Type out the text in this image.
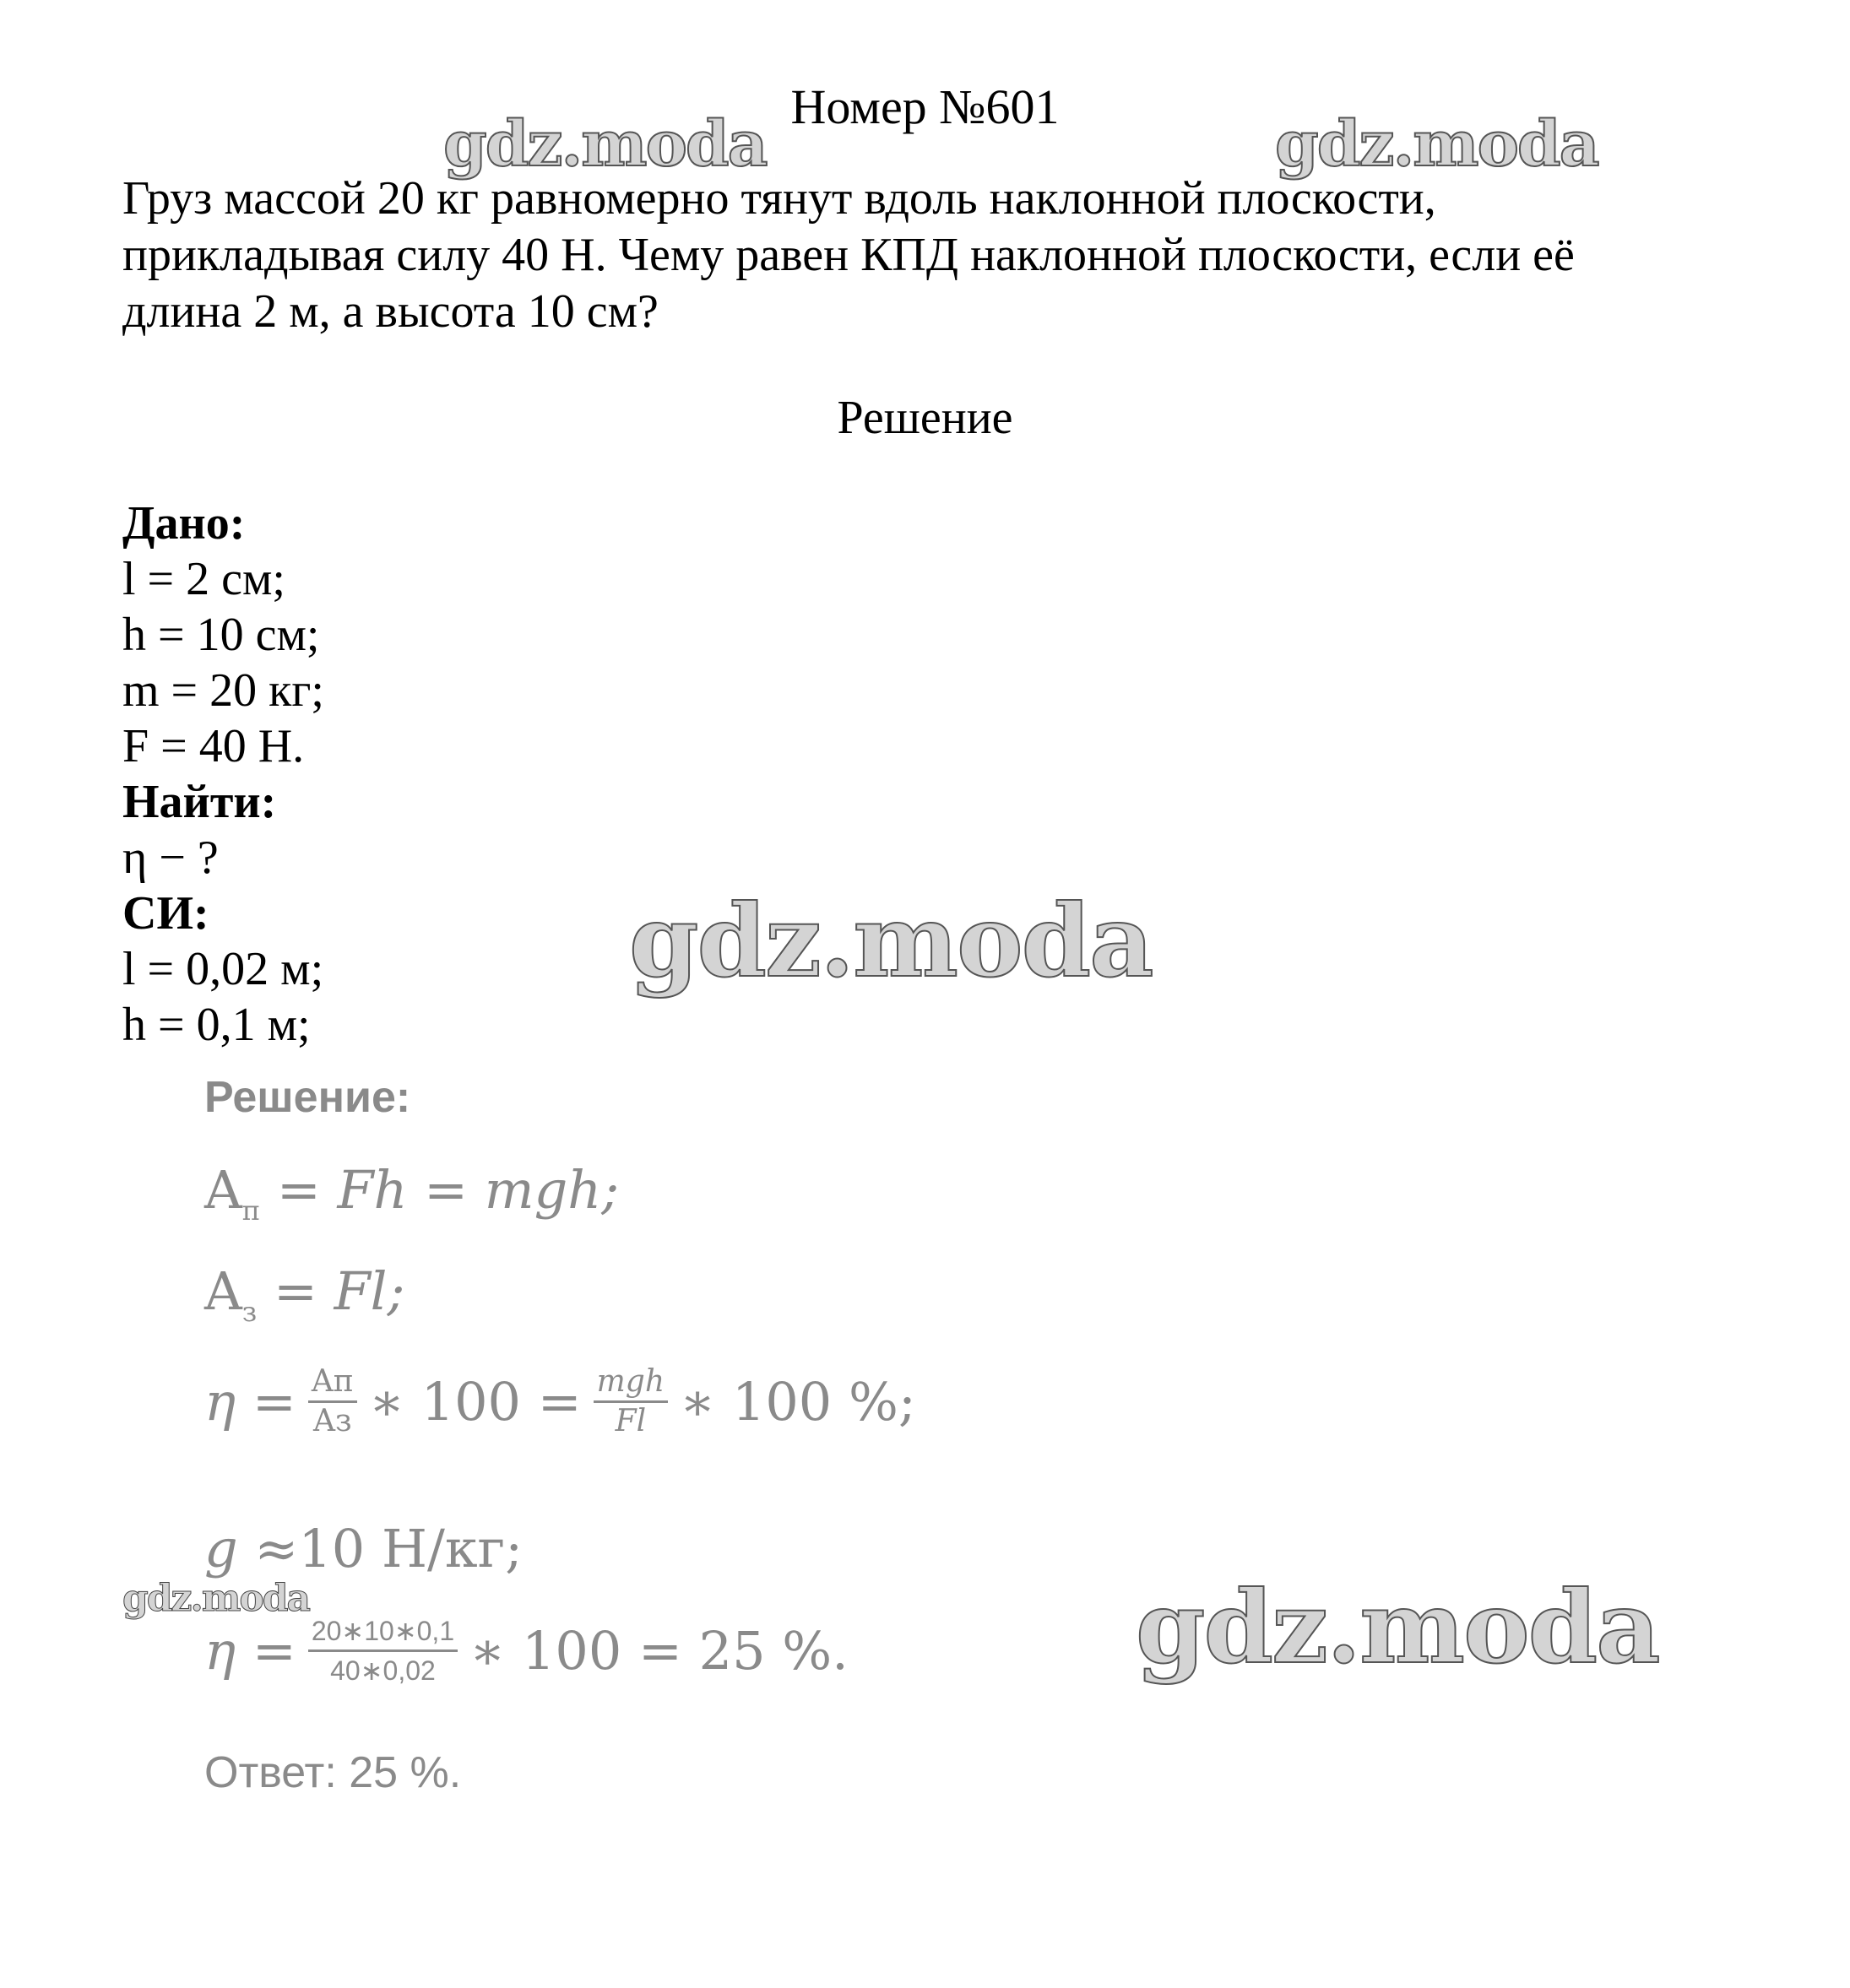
Номер №601
Груз массой 20 кг равномерно тянут вдоль наклонной плоскости,
прикладывая силу 40 Н. Чему равен КПД наклонной плоскости, если её
длина 2 м, а высота 10 см?
Решение
Дано:
l = 2 см;
h = 10 см;
m = 20 кг;
F = 40 Н.
Найти:
η − ?
СИ:
l = 0,02 м;
h = 0,1 м;
Решение:
$A_п = Fh$ = mgh;
$A_з = Fl$;
$\eta = \frac{Aп}{Aз}$ ∗ $100 = \frac{\text{mgh}}{Fl}$ ∗ 100 %;
g ≈10 Н/кг;
$\eta = \frac{20∗10∗0,1}{40∗0,02}$ ∗ 100 = 25 %.
Ответ: 25 %.
gdz.moda	gdz.moda
gdz.moda
gdz.moda	gdz.moda
